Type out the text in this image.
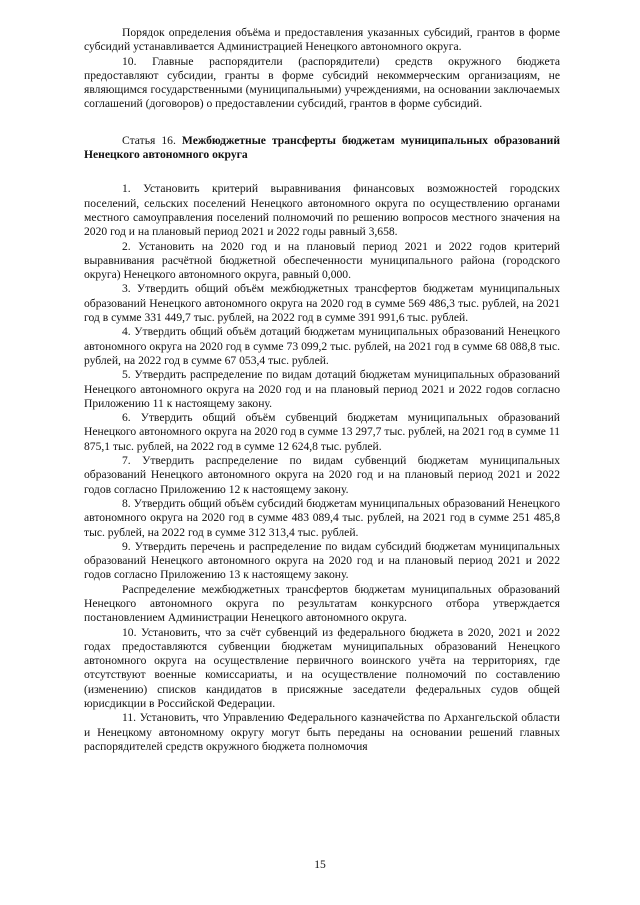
Порядок определения объёма и предоставления указанных субсидий, грантов в форме субсидий устанавливается Администрацией Ненецкого автономного округа.

10. Главные распорядители (распорядители) средств окружного бюджета предоставляют субсидии, гранты в форме субсидий некоммерческим организациям, не являющимся государственными (муниципальными) учреждениями, на основании заключаемых соглашений (договоров) о предоставлении субсидий, грантов в форме субсидий.

Статья 16. Межбюджетные трансферты бюджетам муниципальных образований Ненецкого автономного округа

1. Установить критерий выравнивания финансовых возможностей городских поселений, сельских поселений Ненецкого автономного округа по осуществлению органами местного самоуправления поселений полномочий по решению вопросов местного значения на 2020 год и на плановый период 2021 и 2022 годы равный 3,658.

2. Установить на 2020 год и на плановый период 2021 и 2022 годов критерий выравнивания расчётной бюджетной обеспеченности муниципального района (городского округа) Ненецкого автономного округа, равный 0,000.

3. Утвердить общий объём межбюджетных трансфертов бюджетам муниципальных образований Ненецкого автономного округа на 2020 год в сумме 569 486,3 тыс. рублей, на 2021 год в сумме 331 449,7 тыс. рублей, на 2022 год в сумме 391 991,6 тыс. рублей.

4. Утвердить общий объём дотаций бюджетам муниципальных образований Ненецкого автономного округа на 2020 год в сумме 73 099,2 тыс. рублей, на 2021 год в сумме 68 088,8 тыс. рублей, на 2022 год в сумме 67 053,4 тыс. рублей.

5. Утвердить распределение по видам дотаций бюджетам муниципальных образований Ненецкого автономного округа на 2020 год и на плановый период 2021 и 2022 годов согласно Приложению 11 к настоящему закону.

6. Утвердить общий объём субвенций бюджетам муниципальных образований Ненецкого автономного округа на 2020 год в сумме 13 297,7 тыс. рублей, на 2021 год в сумме 11 875,1 тыс. рублей, на 2022 год в сумме 12 624,8 тыс. рублей.

7. Утвердить распределение по видам субвенций бюджетам муниципальных образований Ненецкого автономного округа на 2020 год и на плановый период 2021 и 2022 годов согласно Приложению 12 к настоящему закону.

8. Утвердить общий объём субсидий бюджетам муниципальных образований Ненецкого автономного округа на 2020 год в сумме 483 089,4 тыс. рублей, на 2021 год в сумме 251 485,8 тыс. рублей, на 2022 год в сумме 312 313,4 тыс. рублей.

9. Утвердить перечень и распределение по видам субсидий бюджетам муниципальных образований Ненецкого автономного округа на 2020 год и на плановый период 2021 и 2022 годов согласно Приложению 13 к настоящему закону.

Распределение межбюджетных трансфертов бюджетам муниципальных образований Ненецкого автономного округа по результатам конкурсного отбора утверждается постановлением Администрации Ненецкого автономного округа.

10. Установить, что за счёт субвенций из федерального бюджета в 2020, 2021 и 2022 годах предоставляются субвенции бюджетам муниципальных образований Ненецкого автономного округа на осуществление первичного воинского учёта на территориях, где отсутствуют военные комиссариаты, и на осуществление полномочий по составлению (изменению) списков кандидатов в присяжные заседатели федеральных судов общей юрисдикции в Российской Федерации.

11. Установить, что Управлению Федерального казначейства по Архангельской области и Ненецкому автономному округу могут быть переданы на основании решений главных распорядителей средств окружного бюджета полномочия

15
